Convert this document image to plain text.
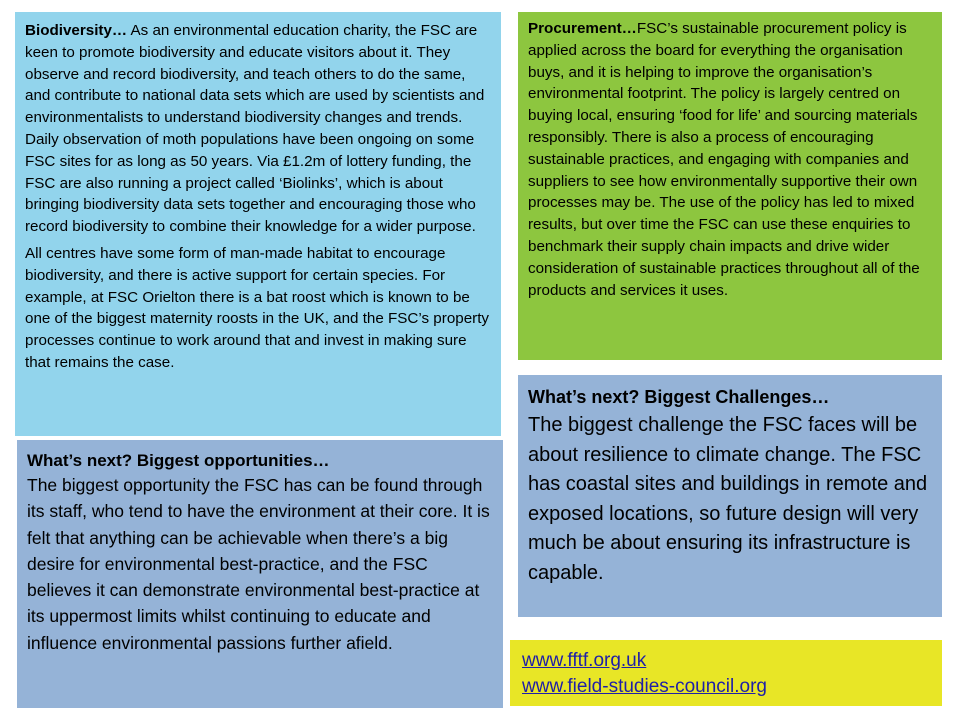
Biodiversity… As an environmental education charity, the FSC are keen to promote biodiversity and educate visitors about it. They observe and record biodiversity, and teach others to do the same, and contribute to national data sets which are used by scientists and environmentalists to understand biodiversity changes and trends. Daily observation of moth populations have been ongoing on some FSC sites for as long as 50 years. Via £1.2m of lottery funding, the FSC are also running a project called ‘Biolinks’, which is about bringing biodiversity data sets together and encouraging those who record biodiversity to combine their knowledge for a wider purpose.

All centres have some form of man-made habitat to encourage biodiversity, and there is active support for certain species. For example, at FSC Orielton there is a bat roost which is known to be one of the biggest maternity roosts in the UK, and the FSC’s property processes continue to work around that and invest in making sure that remains the case.

Procurement…FSC’s sustainable procurement policy is applied across the board for everything the organisation buys, and it is helping to improve the organisation’s environmental footprint. The policy is largely centred on buying local, ensuring ‘food for life’ and sourcing materials responsibly. There is also a process of encouraging sustainable practices, and engaging with companies and suppliers to see how environmentally supportive their own processes may be. The use of the policy has led to mixed results, but over time the FSC can use these enquiries to benchmark their supply chain impacts and drive wider consideration of sustainable practices throughout all of the products and services it uses.

What’s next? Biggest opportunities…

The biggest opportunity the FSC has can be found through its staff, who tend to have the environment at their core. It is felt that anything can be achievable when there’s a big desire for environmental best-practice, and the FSC believes it can demonstrate environmental best-practice at its uppermost limits whilst continuing to educate and influence environmental passions further afield.

What’s next? Biggest Challenges…

The biggest challenge the FSC faces will be about resilience to climate change. The FSC has coastal sites and buildings in remote and exposed locations, so future design will very much be about ensuring its infrastructure is capable.

www.fftf.org.uk
www.field-studies-council.org
